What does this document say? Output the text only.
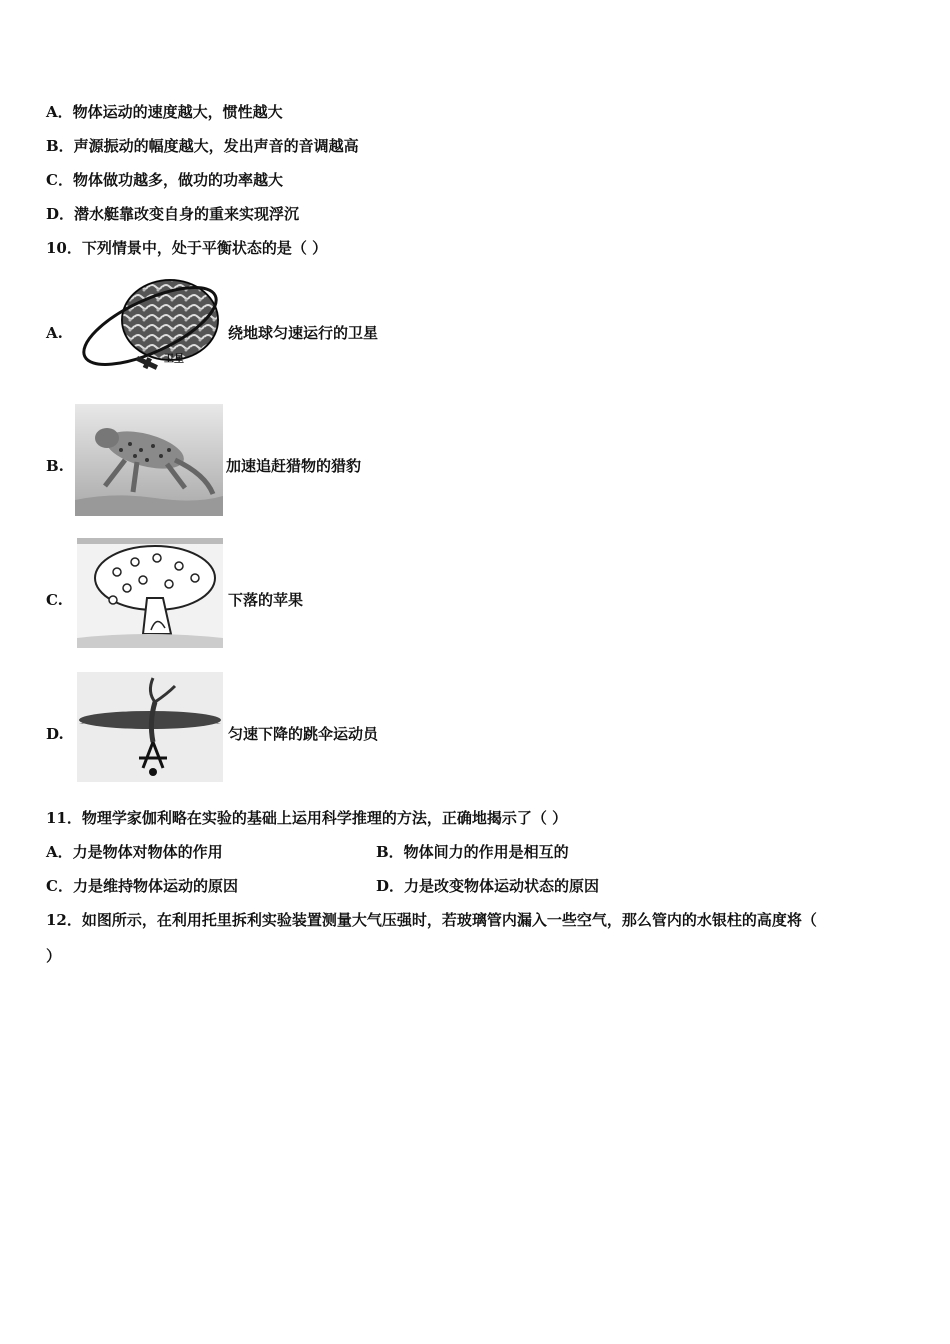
A．物体运动的速度越大，惯性越大
B．声源振动的幅度越大，发出声音的音调越高
C．物体做功越多，做功的功率越大
D．潜水艇靠改变自身的重来实现浮沉
10．下列情景中，处于平衡状态的是（ ）
A.
卫星
绕地球匀速运行的卫星
B.	加速追赶猎物的猎豹
C.	下落的苹果
D.	匀速下降的跳伞运动员
11．物理学家伽利略在实验的基础上运用科学推理的方法，正确地揭示了（ ）
A．力是物体对物体的作用	B．物体间力的作用是相互的
C．力是维持物体运动的原因	D．力是改变物体运动状态的原因
12．如图所示，在利用托里拆利实验装置测量大气压强时，若玻璃管内漏入一些空气，那么管内的水银柱的高度将（
）
